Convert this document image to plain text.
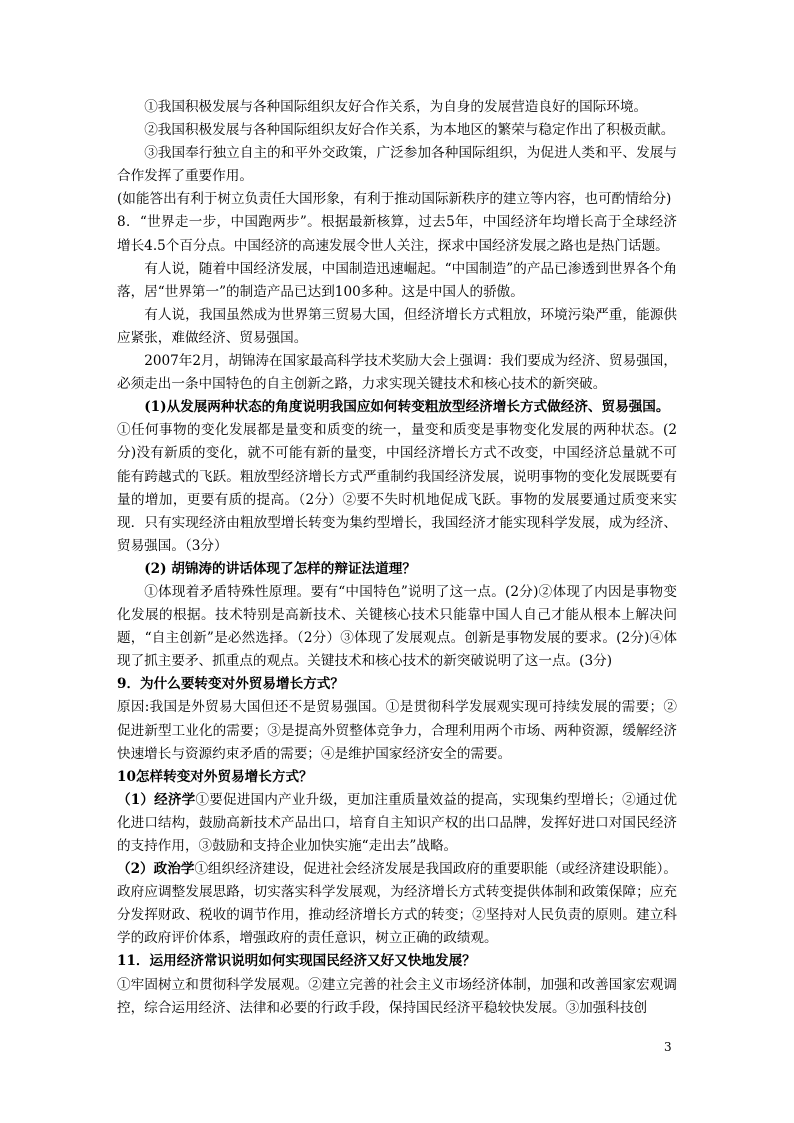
①我国积极发展与各种国际组织友好合作关系，为自身的发展营造良好的国际环境。

②我国积极发展与各种国际组织友好合作关系，为本地区的繁荣与稳定作出了积极贡献。

③我国奉行独立自主的和平外交政策，广泛参加各种国际组织，为促进人类和平、发展与合作发挥了重要作用。

(如能答出有利于树立负责任大国形象，有利于推动国际新秩序的建立等内容，也可酌情给分)

8．“世界走一步，中国跑两步”。根据最新核算，过去5年，中国经济年均增长高于全球经济增长4.5个百分点。中国经济的高速发展令世人关注，探求中国经济发展之路也是热门话题。

有人说，随着中国经济发展，中国制造迅速崛起。“中国制造”的产品已渗透到世界各个角落，居“世界第一”的制造产品已达到100多种。这是中国人的骄傲。

有人说，我国虽然成为世界第三贸易大国，但经济增长方式粗放，环境污染严重，能源供应紧张，难做经济、贸易强国。

2007年2月，胡锦涛在国家最高科学技术奖励大会上强调：我们要成为经济、贸易强国，必须走出一条中国特色的自主创新之路，力求实现关键技术和核心技术的新突破。

(1)从发展两种状态的角度说明我国应如何转变粗放型经济增长方式做经济、贸易强国。

①任何事物的变化发展都是量变和质变的统一，量变和质变是事物变化发展的两种状态。(2分)没有新质的变化，就不可能有新的量变，中国经济增长方式不改变，中国经济总量就不可能有跨越式的飞跃。粗放型经济增长方式严重制约我国经济发展，说明事物的变化发展既要有量的增加，更要有质的提高。（2分）②要不失时机地促成飞跃。事物的发展要通过质变来实现．只有实现经济由粗放型增长转变为集约型增长，我国经济才能实现科学发展，成为经济、贸易强国。（3分）

(2) 胡锦涛的讲话体现了怎样的辩证法道理？

①体现着矛盾特殊性原理。要有“中国特色”说明了这一点。(2分)②体现了内因是事物变化发展的根据。技术特别是高新技术、关键核心技术只能靠中国人自己才能从根本上解决问题，“自主创新”是必然选择。（2分）③体现了发展观点。创新是事物发展的要求。(2分)④体现了抓主要矛、抓重点的观点。关键技术和核心技术的新突破说明了这一点。(3分)

9．为什么要转变对外贸易增长方式？

原因:我国是外贸易大国但还不是贸易强国。①是贯彻科学发展观实现可持续发展的需要；②促进新型工业化的需要；③是提高外贸整体竞争力，合理利用两个市场、两种资源，缓解经济快速增长与资源约束矛盾的需要；④是维护国家经济安全的需要。

10怎样转变对外贸易增长方式？

（1）经济学①要促进国内产业升级，更加注重质量效益的提高，实现集约型增长；②通过优化进口结构，鼓励高新技术产品出口，培育自主知识产权的出口品牌，发挥好进口对国民经济的支持作用，③鼓励和支持企业加快实施“走出去”战略。

（2）政治学①组织经济建设，促进社会经济发展是我国政府的重要职能（或经济建设职能）。政府应调整发展思路，切实落实科学发展观，为经济增长方式转变提供体制和政策保障；应充分发挥财政、税收的调节作用，推动经济增长方式的转变；②坚持对人民负责的原则。建立科学的政府评价体系，增强政府的责任意识，树立正确的政绩观。

11．运用经济常识说明如何实现国民经济又好又快地发展？

①牢固树立和贯彻科学发展观。②建立完善的社会主义市场经济体制，加强和改善国家宏观调控，综合运用经济、法律和必要的行政手段，保持国民经济平稳较快发展。③加强科技创

3
